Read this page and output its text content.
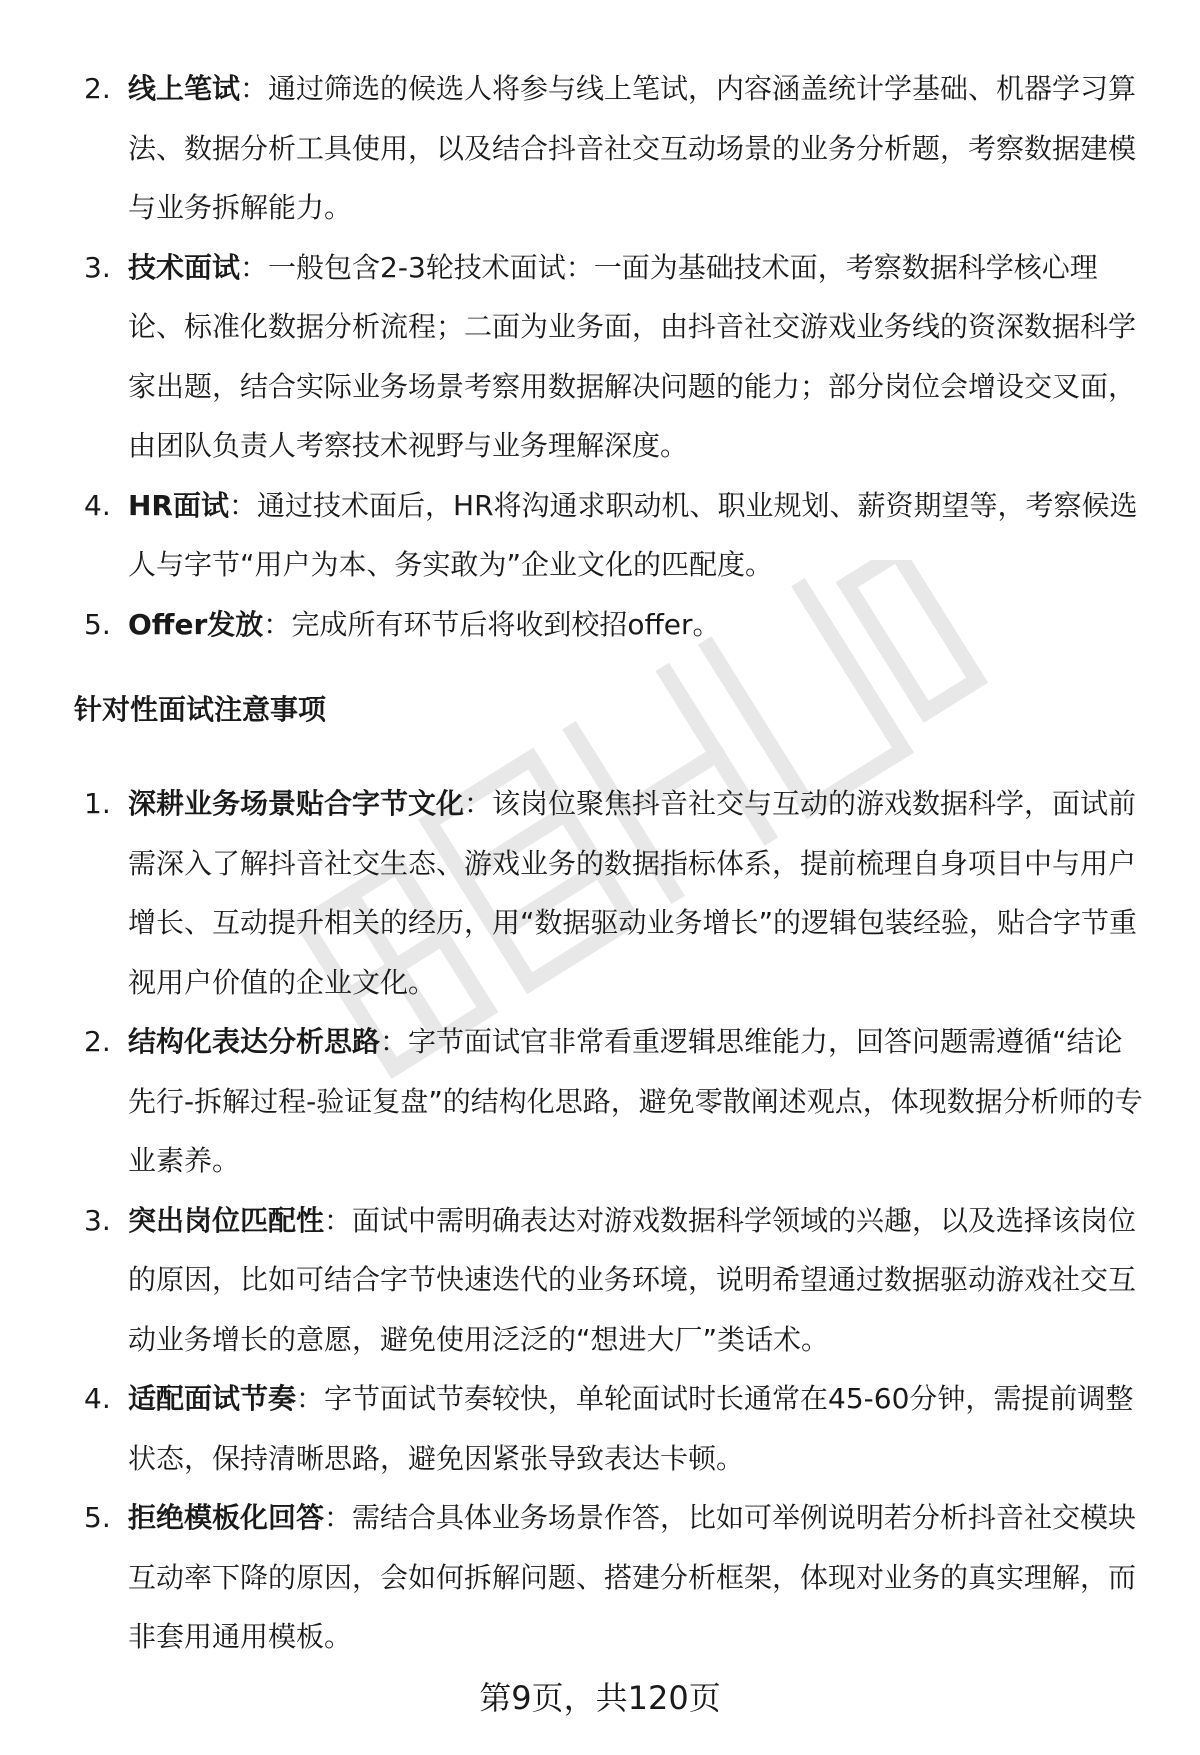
2. 线上笔试：通过筛选的候选人将参与线上笔试，内容涵盖统计学基础、机器学习算法、数据分析工具使用，以及结合抖音社交互动场景的业务分析题，考察数据建模与业务拆解能力。
3. 技术面试：一般包含2-3轮技术面试：一面为基础技术面，考察数据科学核心理论、标准化数据分析流程；二面为业务面，由抖音社交游戏业务线的资深数据科学家出题，结合实际业务场景考察用数据解决问题的能力；部分岗位会增设交叉面，由团队负责人考察技术视野与业务理解深度。
4. HR面试：通过技术面后，HR将沟通求职动机、职业规划、薪资期望等，考察候选人与字节“用户为本、务实敢为”企业文化的匹配度。
5. Offer发放：完成所有环节后将收到校招offer。
针对性面试注意事项
1. 深耕业务场景贴合字节文化：该岗位聚焦抖音社交与互动的游戏数据科学，面试前需深入了解抖音社交生态、游戏业务的数据指标体系，提前梳理自身项目中与用户增长、互动提升相关的经历，用“数据驱动业务增长”的逻辑包装经验，贴合字节重视用户价值的企业文化。
2. 结构化表达分析思路：字节面试官非常看重逻辑思维能力，回答问题需遵循“结论先行-拆解过程-验证复盘”的结构化思路，避免零散阐述观点，体现数据分析师的专业素养。
3. 突出岗位匹配性：面试中需明确表达对游戏数据科学领域的兴趣，以及选择该岗位的原因，比如可结合字节快速迭代的业务环境，说明希望通过数据驱动游戏社交互动业务增长的意愿，避免使用泛泛的“想进大厂”类话术。
4. 适配面试节奏：字节面试节奏较快，单轮面试时长通常在45-60分钟，需提前调整状态，保持清晰思路，避免因紧张导致表达卡顿。
5. 拒绝模板化回答：需结合具体业务场景作答，比如可举例说明若分析抖音社交模块互动率下降的原因，会如何拆解问题、搭建分析框架，体现对业务的真实理解，而非套用通用模板。
第9页，共120页
